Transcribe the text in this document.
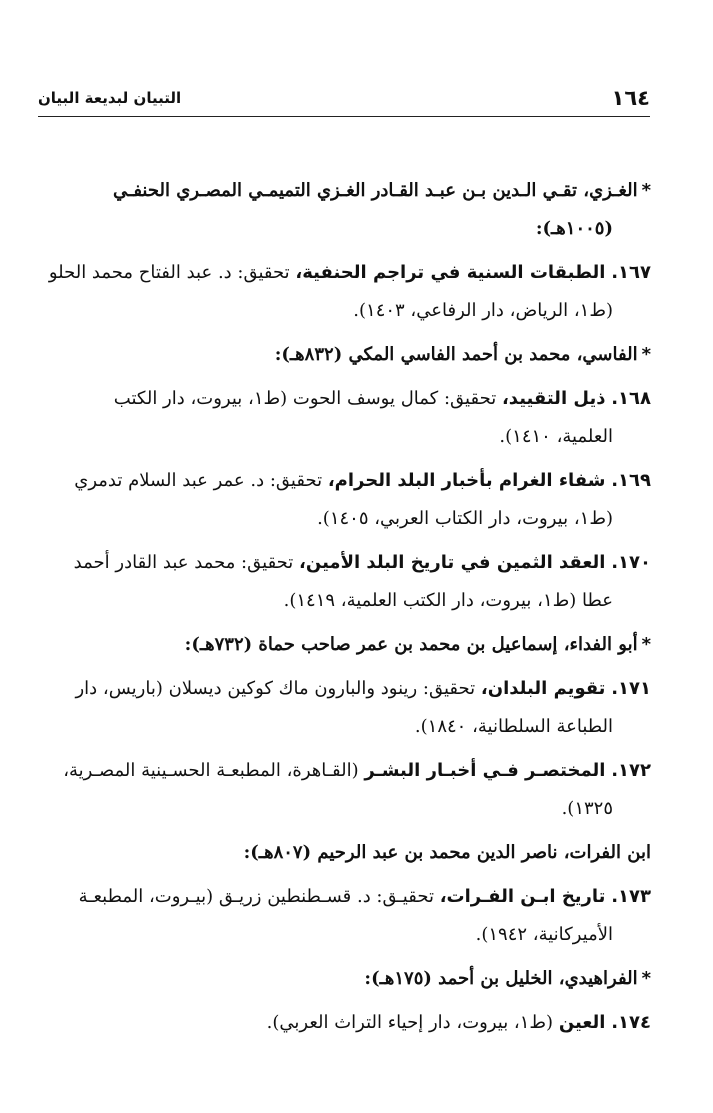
١٦٤
التبيان لبديعة البيان
*الغـزي، تقـي الـدين بـن عبـد القـادر الغـزي التميمـي المصـري الحنفـي
(١٠٠٥هـ):
١٦٧. الطبقات السنية في تراجم الحنفية، تحقيق: د. عبد الفتاح محمد الحلو
(ط١، الرياض، دار الرفاعي، ١٤٠٣).
*الفاسي، محمد بن أحمد الفاسي المكي (٨٣٢هـ):
١٦٨. ذيل التقييد، تحقيق: كمال يوسف الحوت (ط١، بيروت، دار الكتب
العلمية، ١٤١٠).
١٦٩. شفاء الغرام بأخبار البلد الحرام، تحقيق: د. عمر عبد السلام تدمري
(ط١، بيروت، دار الكتاب العربي، ١٤٠٥).
١٧٠. العقد الثمين في تاريخ البلد الأمين، تحقيق: محمد عبد القادر أحمد
عطا (ط١، بيروت، دار الكتب العلمية، ١٤١٩).
*أبو الفداء، إسماعيل بن محمد بن عمر صاحب حماة (٧٣٢هـ):
١٧١. تقويم البلدان، تحقيق: رينود والبارون ماك كوكين ديسلان (باريس، دار
الطباعة السلطانية، ١٨٤٠).
١٧٢. المختصـر فـي أخبـار البشـر (القـاهرة، المطبعـة الحسـينية المصـرية،
١٣٢٥).
ابن الفرات، ناصر الدين محمد بن عبد الرحيم (٨٠٧هـ):
١٧٣. تاريخ ابـن الفـرات، تحقيـق: د. قسـطنطين زريـق (بيـروت، المطبعـة
الأميركانية، ١٩٤٢).
*الفراهيدي، الخليل بن أحمد (١٧٥هـ):
١٧٤. العين (ط١، بيروت، دار إحياء التراث العربي).
